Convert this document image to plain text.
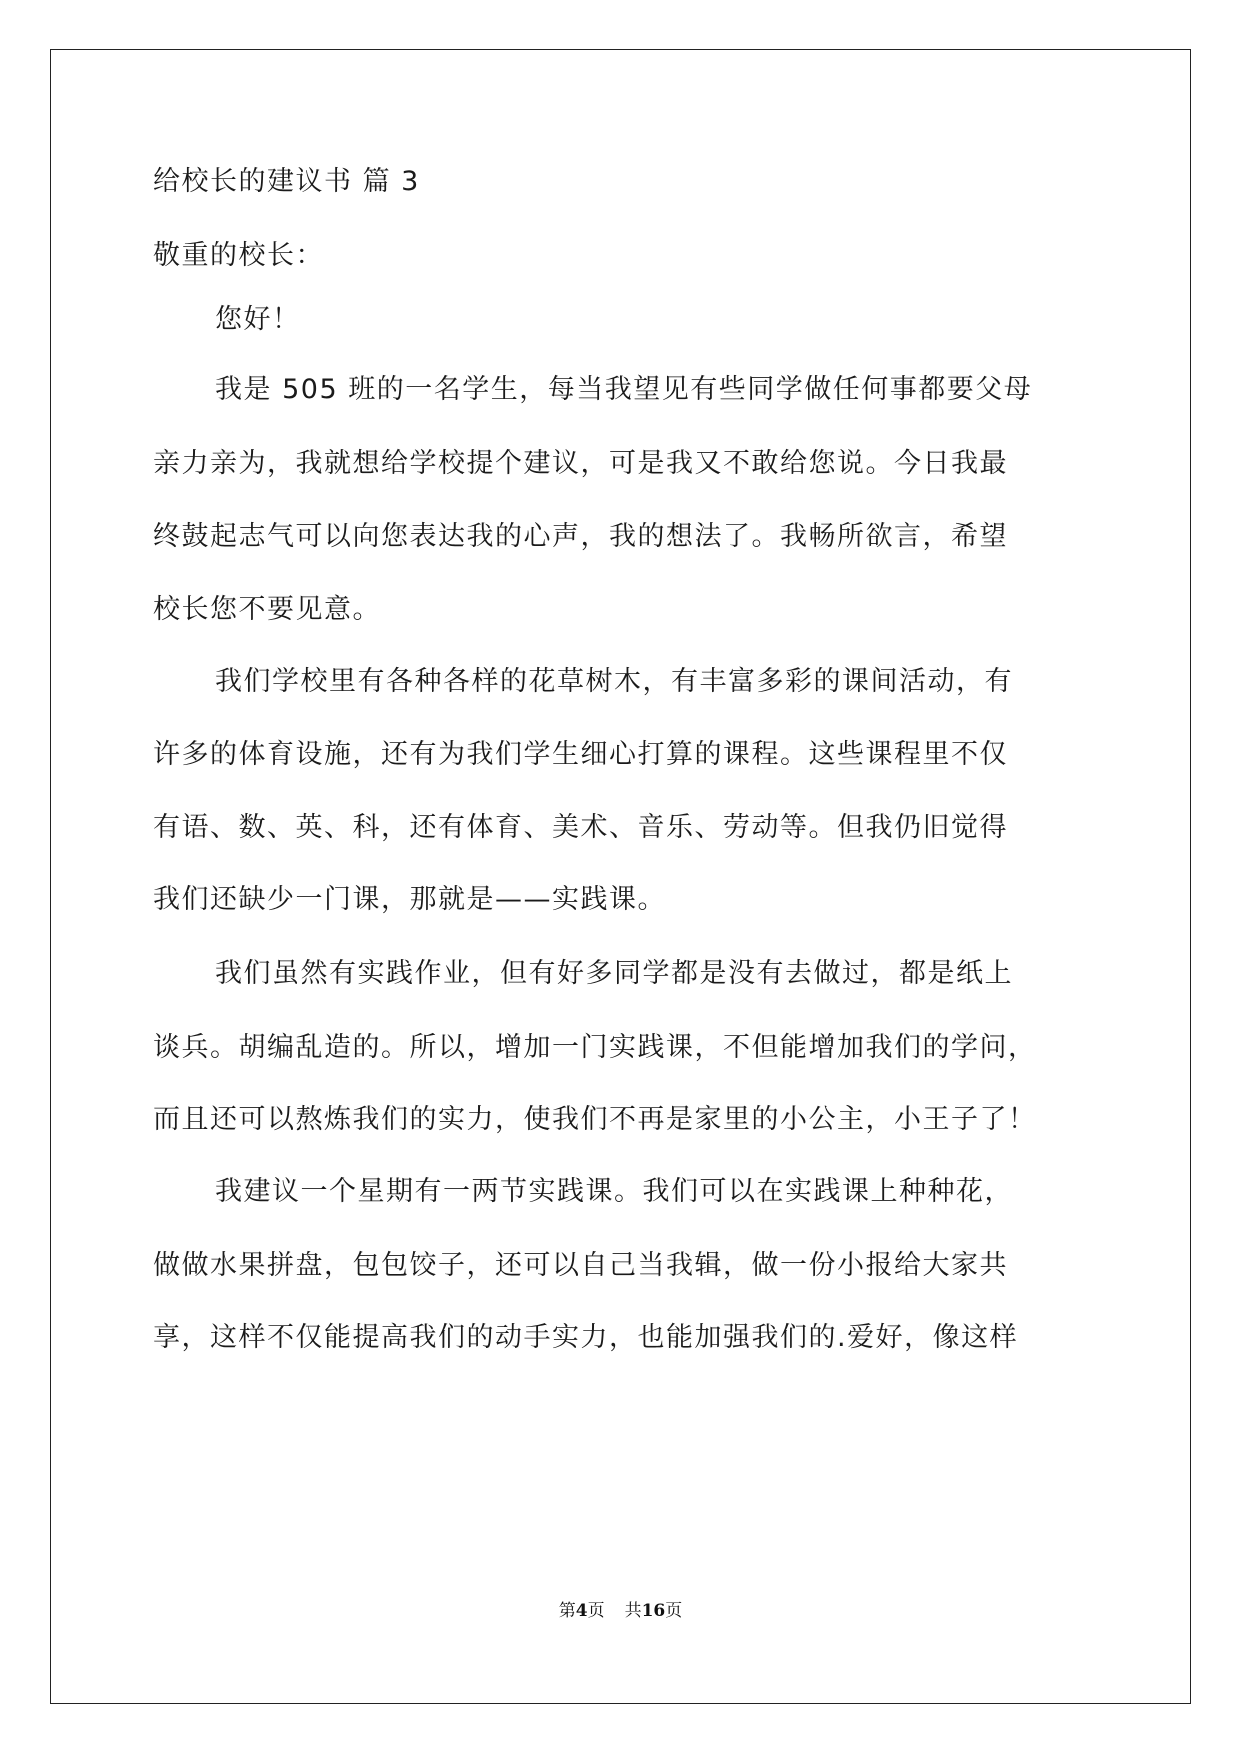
给校长的建议书 篇 3
敬重的校长：
您好！
我是 505 班的一名学生，每当我望见有些同学做任何事都要父母
亲力亲为，我就想给学校提个建议，可是我又不敢给您说。今日我最
终鼓起志气可以向您表达我的心声，我的想法了。我畅所欲言，希望
校长您不要见意。
我们学校里有各种各样的花草树木，有丰富多彩的课间活动，有
许多的体育设施，还有为我们学生细心打算的课程。这些课程里不仅
有语、数、英、科，还有体育、美术、音乐、劳动等。但我仍旧觉得
我们还缺少一门课，那就是——实践课。
我们虽然有实践作业，但有好多同学都是没有去做过，都是纸上
谈兵。胡编乱造的。所以，增加一门实践课，不但能增加我们的学问，
而且还可以熬炼我们的实力，使我们不再是家里的小公主，小王子了！
我建议一个星期有一两节实践课。我们可以在实践课上种种花，
做做水果拼盘，包包饺子，还可以自己当我辑，做一份小报给大家共
享，这样不仅能提高我们的动手实力，也能加强我们的.爱好，像这样
第4页 共16页
